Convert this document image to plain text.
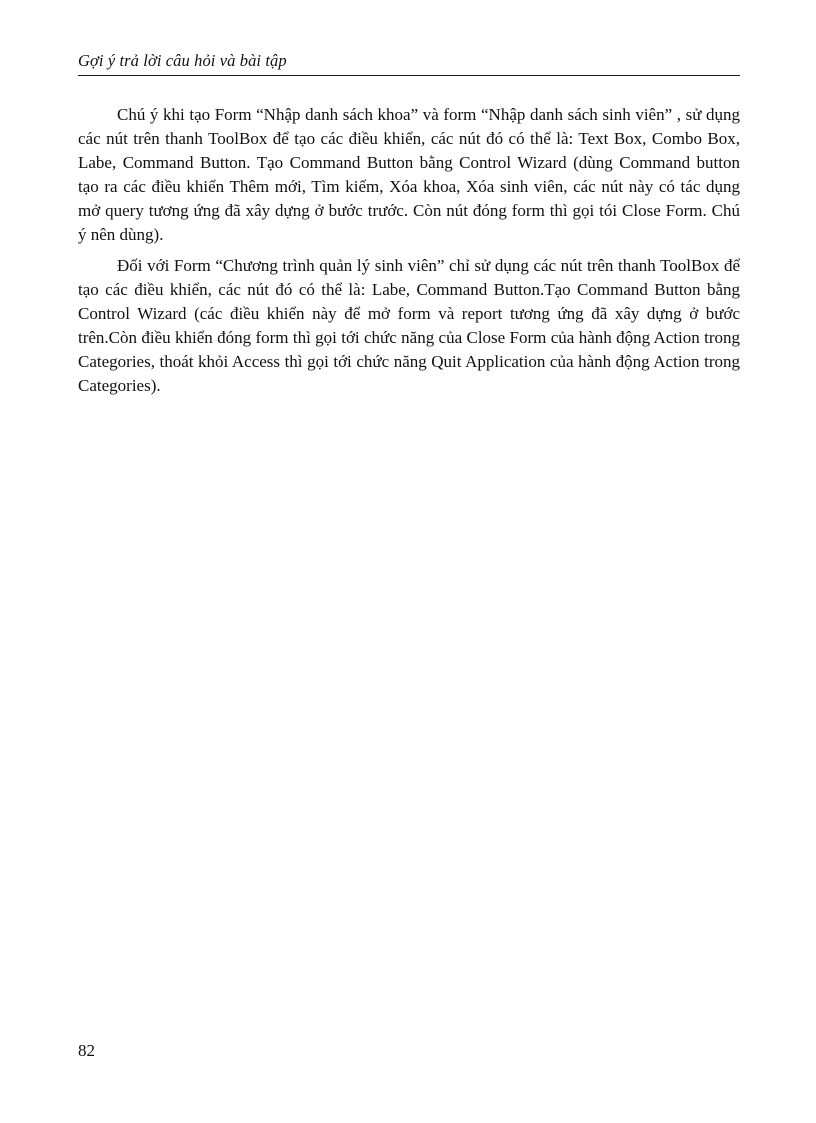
Gợi ý trả lời câu hỏi và bài tập

Chú ý khi tạo Form “Nhập danh sách khoa” và form “Nhập danh sách sinh viên” , sử dụng các nút trên thanh ToolBox để tạo các điều khiển, các nút đó có thể là: Text Box, Combo Box, Labe, Command Button. Tạo Command Button bằng Control Wizard (dùng Command button tạo ra các điều khiển Thêm mới, Tìm kiếm, Xóa khoa, Xóa sinh viên, các nút này có tác dụng mở query tương ứng đã xây dựng ở bước trước. Còn nút đóng form thì gọi tói Close Form. Chú ý nên dùng).

Đối với Form “Chương trình quản lý sinh viên” chỉ sử dụng các nút trên thanh ToolBox để tạo các điều khiển, các nút đó có thể là: Labe, Command Button.Tạo Command Button bằng Control Wizard (các điều khiển này để mở form và report tương ứng đã xây dựng ở bước trên.Còn điều khiển đóng form thì gọi tới chức năng của Close Form của hành động Action trong Categories, thoát khỏi Access thì gọi tới chức năng Quit Application của hành động Action trong Categories).

82
